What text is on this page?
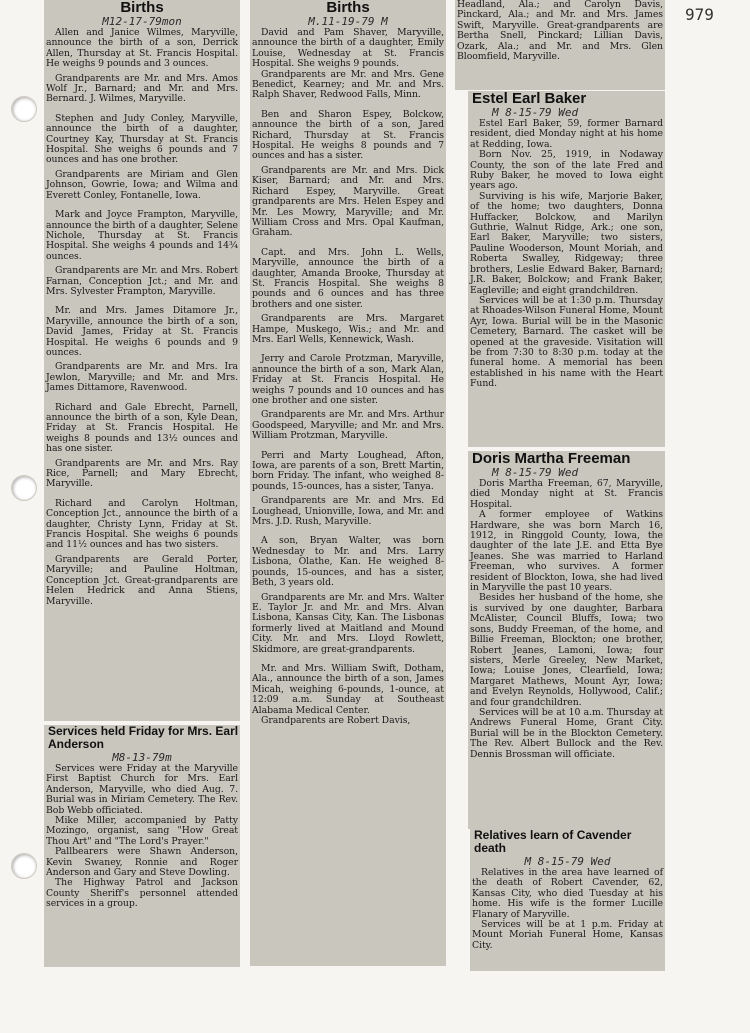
979
Births
M12-17-79mon

Allen and Janice Wilmes, Maryville, announce the birth of a son, Derrick Allen, Thursday at St. Francis Hospital. He weighs 9 pounds and 3 ounces.

Grandparents are Mr. and Mrs. Amos Wolf Jr., Barnard; and Mr. and Mrs. Bernard. J. Wilmes, Maryville.

Stephen and Judy Conley, Maryville, announce the birth of a daughter, Courtney Kay, Thursday at St. Francis Hospital. She weighs 6 pounds and 7 ounces and has one brother.

Grandparents are Miriam and Glen Johnson, Gowrie, Iowa; and Wilma and Everett Conley, Fontanelle, Iowa.

Mark and Joyce Frampton, Maryville, announce the birth of a daughter, Selene Nichole, Thursday at St. Francis Hospital. She weighs 4 pounds and 14¾ ounces.

Grandparents are Mr. and Mrs. Robert Farnan, Conception Jct.; and Mr. and Mrs. Sylvester Frampton, Maryville.

Mr. and Mrs. James Ditamore Jr., Maryville, announce the birth of a son, David James, Friday at St. Francis Hospital. He weighs 6 pounds and 9 ounces.

Grandparents are Mr. and Mrs. Ira Jewlon, Maryville; and Mr. and Mrs. James Dittamore, Ravenwood.

Richard and Gale Ebrecht, Parnell, announce the birth of a son, Kyle Dean, Friday at St. Francis Hospital. He weighs 8 pounds and 13½ ounces and has one sister.

Grandparents are Mr. and Mrs. Ray Rice, Parnell; and Mary Ebrecht, Maryville.

Richard and Carolyn Holtman, Conception Jct., announce the birth of a daughter, Christy Lynn, Friday at St. Francis Hospital. She weighs 6 pounds and 11½ ounces and has two sisters.

Grandparents are Gerald Porter, Maryville; and Pauline Holtman, Conception Jct. Great-grandparents are Helen Hedrick and Anna Stiens, Maryville.

Services held Friday for Mrs. Earl Anderson
M8-13-79m

Services were Friday at the Maryville First Baptist Church for Mrs. Earl Anderson, Maryville, who died Aug. 7. Burial was in Miriam Cemetery. The Rev. Bob Webb officiated.

Mike Miller, accompanied by Patty Mozingo, organist, sang "How Great Thou Art" and "The Lord's Prayer."

Pallbearers were Shawn Anderson, Kevin Swaney, Ronnie and Roger Anderson and Gary and Steve Dowling.

The Highway Patrol and Jackson County Sheriff's personnel attended services in a group.

Births
M.11-19-79 M

David and Pam Shaver, Maryville, announce the birth of a daughter, Emily Louise, Wednesday at St. Francis Hospital. She weighs 9 pounds.

Grandparents are Mr. and Mrs. Gene Benedict, Kearney; and Mr. and Mrs. Ralph Shaver, Redwood Falls, Minn.

Ben and Sharon Espey, Bolckow, announce the birth of a son, Jared Richard, Thursday at St. Francis Hospital. He weighs 8 pounds and 7 ounces and has a sister.

Grandparents are Mr. and Mrs. Dick Kiser, Barnard; and Mr. and Mrs. Richard Espey, Maryville. Great grandparents are Mrs. Helen Espey and Mr. Les Mowry, Maryville; and Mr. William Cross and Mrs. Opal Kaufman, Graham.

Capt. and Mrs. John L. Wells, Maryville, announce the birth of a daughter, Amanda Brooke, Thursday at St. Francis Hospital. She weighs 8 pounds and 6 ounces and has three brothers and one sister.

Grandparents are Mrs. Margaret Hampe, Muskego, Wis.; and Mr. and Mrs. Earl Wells, Kennewick, Wash.

Jerry and Carole Protzman, Maryville, announce the birth of a son, Mark Alan, Friday at St. Francis Hospital. He weighs 7 pounds and 10 ounces and has one brother and one sister.

Grandparents are Mr. and Mrs. Arthur Goodspeed, Maryville; and Mr. and Mrs. William Protzman, Maryville.

Perri and Marty Loughead, Afton, Iowa, are parents of a son, Brett Martin, born Friday. The infant, who weighed 8-pounds, 15-ounces, has a sister, Tanya.

Grandparents are Mr. and Mrs. Ed Loughead, Unionville, Iowa, and Mr. and Mrs. J.D. Rush, Maryville.

A son, Bryan Walter, was born Wednesday to Mr. and Mrs. Larry Lisbona, Olathe, Kan. He weighed 8-pounds, 15-ounces, and has a sister, Beth, 3 years old.

Grandparents are Mr. and Mrs. Walter E. Taylor Jr. and Mr. and Mrs. Alvan Lisbona, Kansas City, Kan. The Lisbonas formerly lived at Maitland and Mound City. Mr. and Mrs. Lloyd Rowlett, Skidmore, are great-grandparents.

Mr. and Mrs. William Swift, Dotham, Ala., announce the birth of a son, James Micah, weighing 6-pounds, 1-ounce, at 12:09 a.m. Sunday at Southeast Alabama Medical Center.

Grandparents are Robert Davis,

Headland, Ala.; and Carolyn Davis, Pinckard, Ala.; and Mr. and Mrs. James Swift, Maryville. Great-grandparents are Bertha Snell, Pinckard; Lillian Davis, Ozark, Ala.; and Mr. and Mrs. Glen Bloomfield, Maryville.

Estel Earl Baker
M 8-15-79 Wed

Estel Earl Baker, 59, former Barnard resident, died Monday night at his home at Redding, Iowa.

Born Nov. 25, 1919, in Nodaway County, the son of the late Fred and Ruby Baker, he moved to Iowa eight years ago.

Surviving is his wife, Marjorie Baker, of the home; two daughters, Donna Huffacker, Bolckow, and Marilyn Guthrie, Walnut Ridge, Ark.; one son, Earl Baker, Maryville; two sisters, Pauline Wooderson, Mount Moriah, and Roberta Swalley, Ridgeway; three brothers, Leslie Edward Baker, Barnard; J.R. Baker, Bolckow; and Frank Baker, Eagleville; and eight grandchildren.

Services will be at 1:30 p.m. Thursday at Rhoades-Wilson Funeral Home, Mount Ayr, Iowa. Burial will be in the Masonic Cemetery, Barnard. The casket will be opened at the graveside. Visitation will be from 7:30 to 8:30 p.m. today at the funeral home. A memorial has been established in his name with the Heart Fund.

Doris Martha Freeman
M 8-15-79 Wed

Doris Martha Freeman, 67, Maryville, died Monday night at St. Francis Hospital.

A former employee of Watkins Hardware, she was born March 16, 1912, in Ringgold County, Iowa, the daughter of the late J.E. and Etta Bye Jeanes. She was married to Harland Freeman, who survives. A former resident of Blockton, Iowa, she had lived in Maryville the past 10 years.

Besides her husband of the home, she is survived by one daughter, Barbara McAlister, Council Bluffs, Iowa; two sons, Buddy Freeman, of the home, and Billie Freeman, Blockton; one brother, Robert Jeanes, Lamoni, Iowa; four sisters, Merle Greeley, New Market, Iowa; Louise Jones, Clearfield, Iowa; Margaret Mathews, Mount Ayr, Iowa; and Evelyn Reynolds, Hollywood, Calif.; and four grandchildren.

Services will be at 10 a.m. Thursday at Andrews Funeral Home, Grant City. Burial will be in the Blockton Cemetery. The Rev. Albert Bullock and the Rev. Dennis Brossman will officiate.

Relatives learn of Cavender death
M 8-15-79 Wed

Relatives in the area have learned of the death of Robert Cavender, 62, Kansas City, who died Tuesday at his home. His wife is the former Lucille Flanary of Maryville.

Services will be at 1 p.m. Friday at Mount Moriah Funeral Home, Kansas City.
